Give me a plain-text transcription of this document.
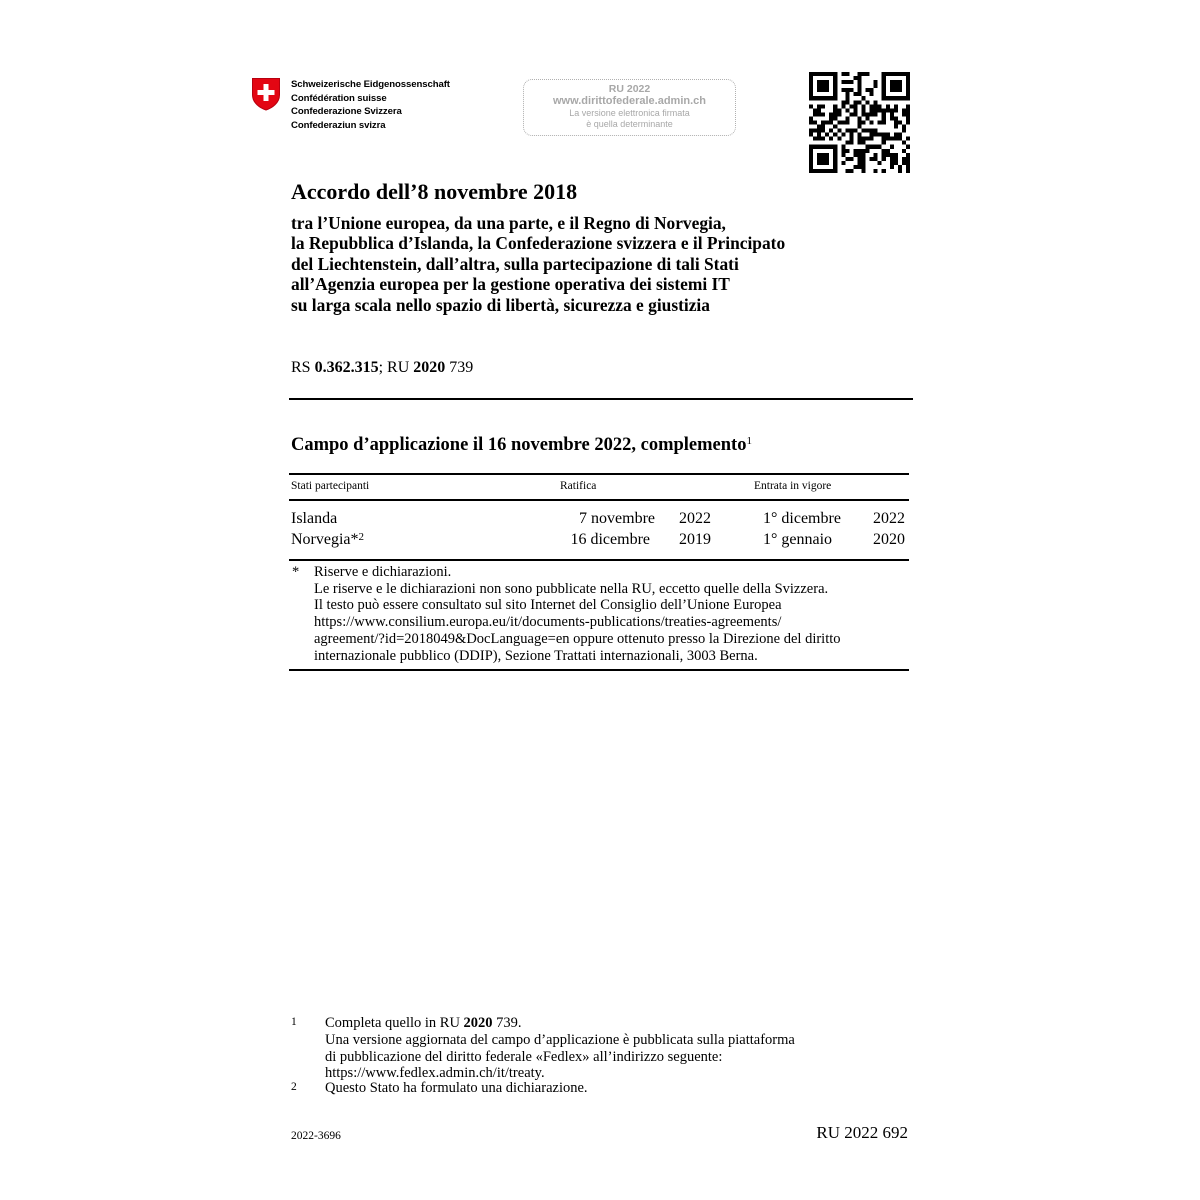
Schweizerische Eidgenossenschaft
Confédération suisse
Confederazione Svizzera
Confederaziun svizra
RU 2022
www.dirittofederale.admin.ch
La versione elettronica firmata
è quella determinante
Accordo dell’8 novembre 2018
tra l’Unione europea, da una parte, e il Regno di Norvegia,
la Repubblica d’Islanda, la Confederazione svizzera e il Principato
del Liechtenstein, dall’altra, sulla partecipazione di tali Stati
all’Agenzia europea per la gestione operativa dei sistemi IT
su larga scala nello spazio di libertà, sicurezza e giustizia
RS 0.362.315; RU 2020 739
Campo d’applicazione il 16 novembre 2022, complemento$^1$
Stati partecipanti	Ratifica	Entrata in vigore
Islanda	7 novembre	2022	1° dicembre	2022
Norvegia*$^2$	16 dicembre	2019	1° gennaio	2020
* Riserve e dichiarazioni.
Le riserve e le dichiarazioni non sono pubblicate nella RU, eccetto quelle della Svizzera.
Il testo può essere consultato sul sito Internet del Consiglio dell’Unione Europea
https://www.consilium.europa.eu/it/documents-publications/treaties-agreements/
agreement/?id=2018049&DocLanguage=en oppure ottenuto presso la Direzione del diritto
internazionale pubblico (DDIP), Sezione Trattati internazionali, 3003 Berna.
1 Completa quello in RU 2020 739.
Una versione aggiornata del campo d’applicazione è pubblicata sulla piattaforma
di pubblicazione del diritto federale «Fedlex» all’indirizzo seguente:
https://www.fedlex.admin.ch/it/treaty.
2 Questo Stato ha formulato una dichiarazione.
2022-3696	RU 2022 692
